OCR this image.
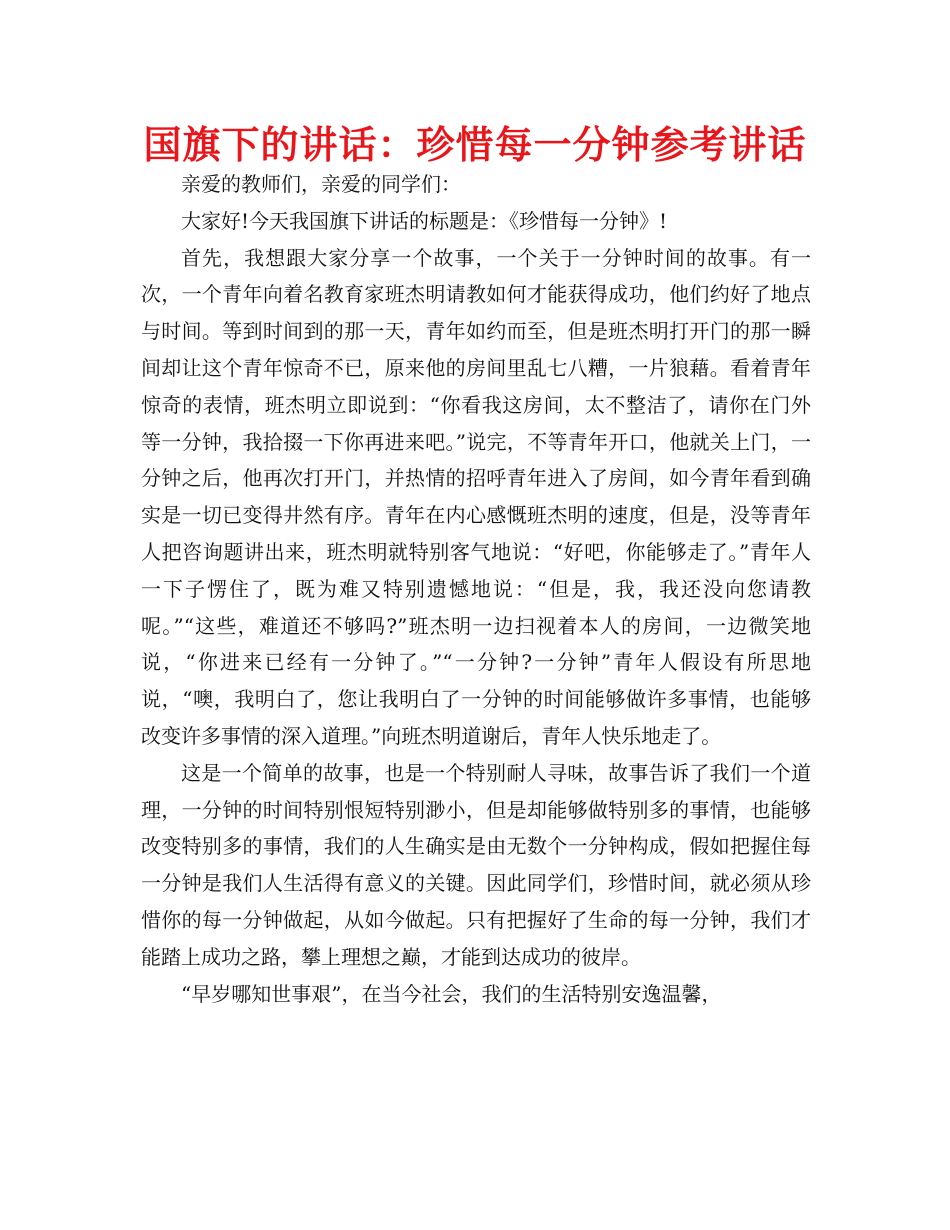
国旗下的讲话：珍惜每一分钟参考讲话

亲爱的教师们，亲爱的同学们：

大家好!今天我国旗下讲话的标题是：《珍惜每一分钟》!

首先，我想跟大家分享一个故事，一个关于一分钟时间的故事。有一次，一个青年向着名教育家班杰明请教如何才能获得成功，他们约好了地点与时间。等到时间到的那一天，青年如约而至，但是班杰明打开门的那一瞬间却让这个青年惊奇不已，原来他的房间里乱七八糟，一片狼藉。看着青年惊奇的表情，班杰明立即说到：“你看我这房间，太不整洁了，请你在门外等一分钟，我拾掇一下你再进来吧。”说完，不等青年开口，他就关上门，一分钟之后，他再次打开门，并热情的招呼青年进入了房间，如今青年看到确实是一切已变得井然有序。青年在内心感慨班杰明的速度，但是，没等青年人把咨询题讲出来，班杰明就特别客气地说：“好吧，你能够走了。”青年人一下子愣住了，既为难又特别遗憾地说：“但是，我，我还没向您请教呢。”“这些，难道还不够吗?”班杰明一边扫视着本人的房间，一边微笑地说，“你进来已经有一分钟了。”“一分钟?一分钟”青年人假设有所思地说，“噢，我明白了，您让我明白了一分钟的时间能够做许多事情，也能够改变许多事情的深入道理。”向班杰明道谢后，青年人快乐地走了。

这是一个简单的故事，也是一个特别耐人寻味，故事告诉了我们一个道理，一分钟的时间特别恨短特别渺小，但是却能够做特别多的事情，也能够改变特别多的事情，我们的人生确实是由无数个一分钟构成，假如把握住每一分钟是我们人生活得有意义的关键。因此同学们，珍惜时间，就必须从珍惜你的每一分钟做起，从如今做起。只有把握好了生命的每一分钟，我们才能踏上成功之路，攀上理想之巅，才能到达成功的彼岸。

“早岁哪知世事艰”，在当今社会，我们的生活特别安逸温馨，
